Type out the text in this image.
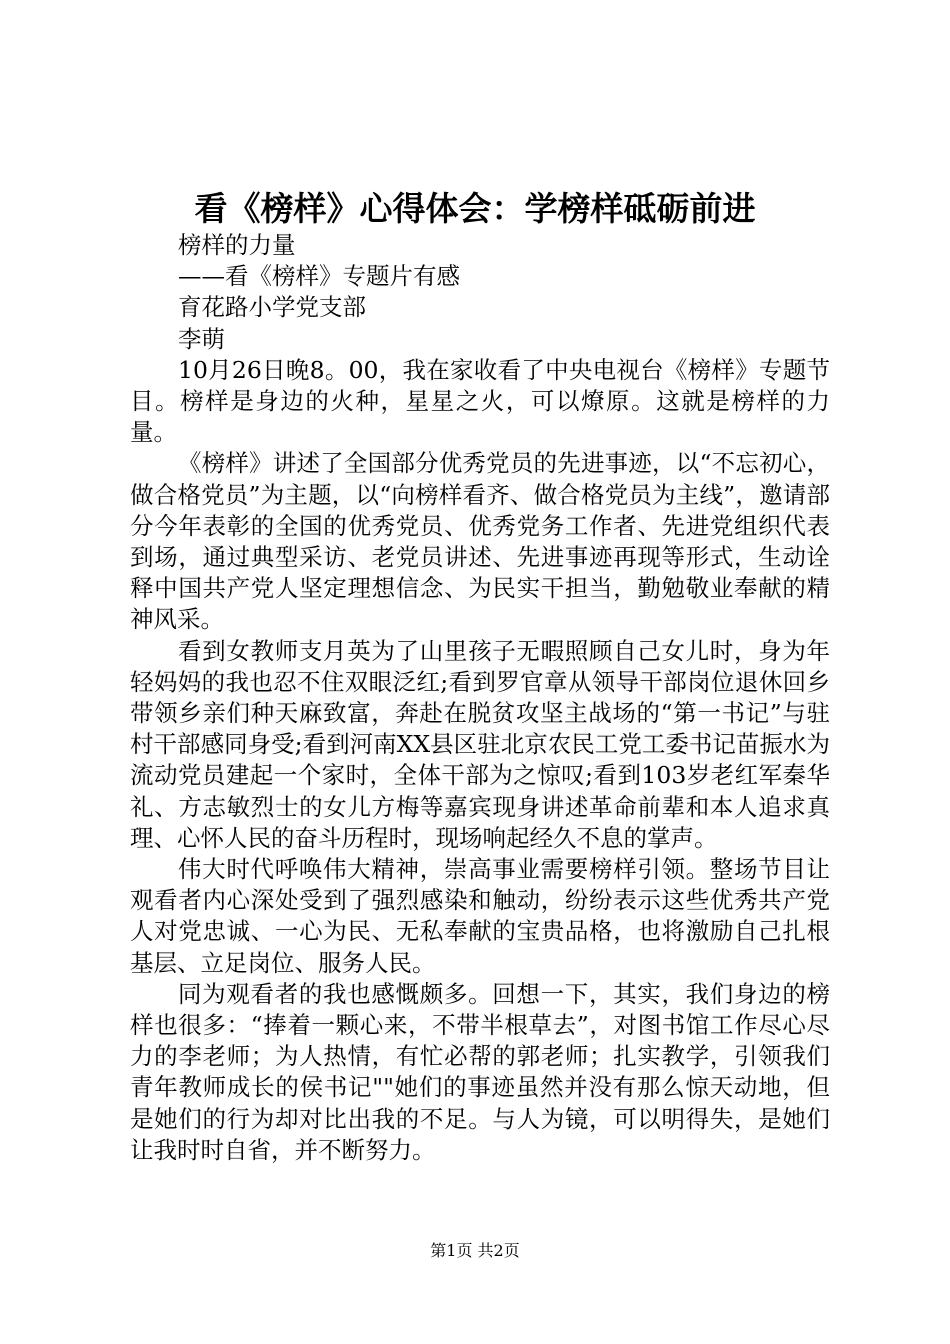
看《榜样》心得体会：学榜样砥砺前进

榜样的力量

——看《榜样》专题片有感

育花路小学党支部

李萌

10月26日晚8。00，我在家收看了中央电视台《榜样》专题节目。榜样是身边的火种，星星之火，可以燎原。这就是榜样的力量。

《榜样》讲述了全国部分优秀党员的先进事迹，以“不忘初心，做合格党员”为主题，以“向榜样看齐、做合格党员为主线”，邀请部分今年表彰的全国的优秀党员、优秀党务工作者、先进党组织代表到场，通过典型采访、老党员讲述、先进事迹再现等形式，生动诠释中国共产党人坚定理想信念、为民实干担当，勤勉敬业奉献的精神风采。

看到女教师支月英为了山里孩子无暇照顾自己女儿时，身为年轻妈妈的我也忍不住双眼泛红;看到罗官章从领导干部岗位退休回乡带领乡亲们种天麻致富，奔赴在脱贫攻坚主战场的“第一书记”与驻村干部感同身受;看到河南XX县区驻北京农民工党工委书记苗振水为流动党员建起一个家时，全体干部为之惊叹;看到103岁老红军秦华礼、方志敏烈士的女儿方梅等嘉宾现身讲述革命前辈和本人追求真理、心怀人民的奋斗历程时，现场响起经久不息的掌声。

伟大时代呼唤伟大精神，崇高事业需要榜样引领。整场节目让观看者内心深处受到了强烈感染和触动，纷纷表示这些优秀共产党人对党忠诚、一心为民、无私奉献的宝贵品格，也将激励自己扎根基层、立足岗位、服务人民。

同为观看者的我也感慨颇多。回想一下，其实，我们身边的榜样也很多：“捧着一颗心来，不带半根草去”，对图书馆工作尽心尽力的李老师；为人热情，有忙必帮的郭老师；扎实教学，引领我们青年教师成长的侯书记""她们的事迹虽然并没有那么惊天动地，但是她们的行为却对比出我的不足。与人为镜，可以明得失，是她们让我时时自省，并不断努力。

第1页 共2页
